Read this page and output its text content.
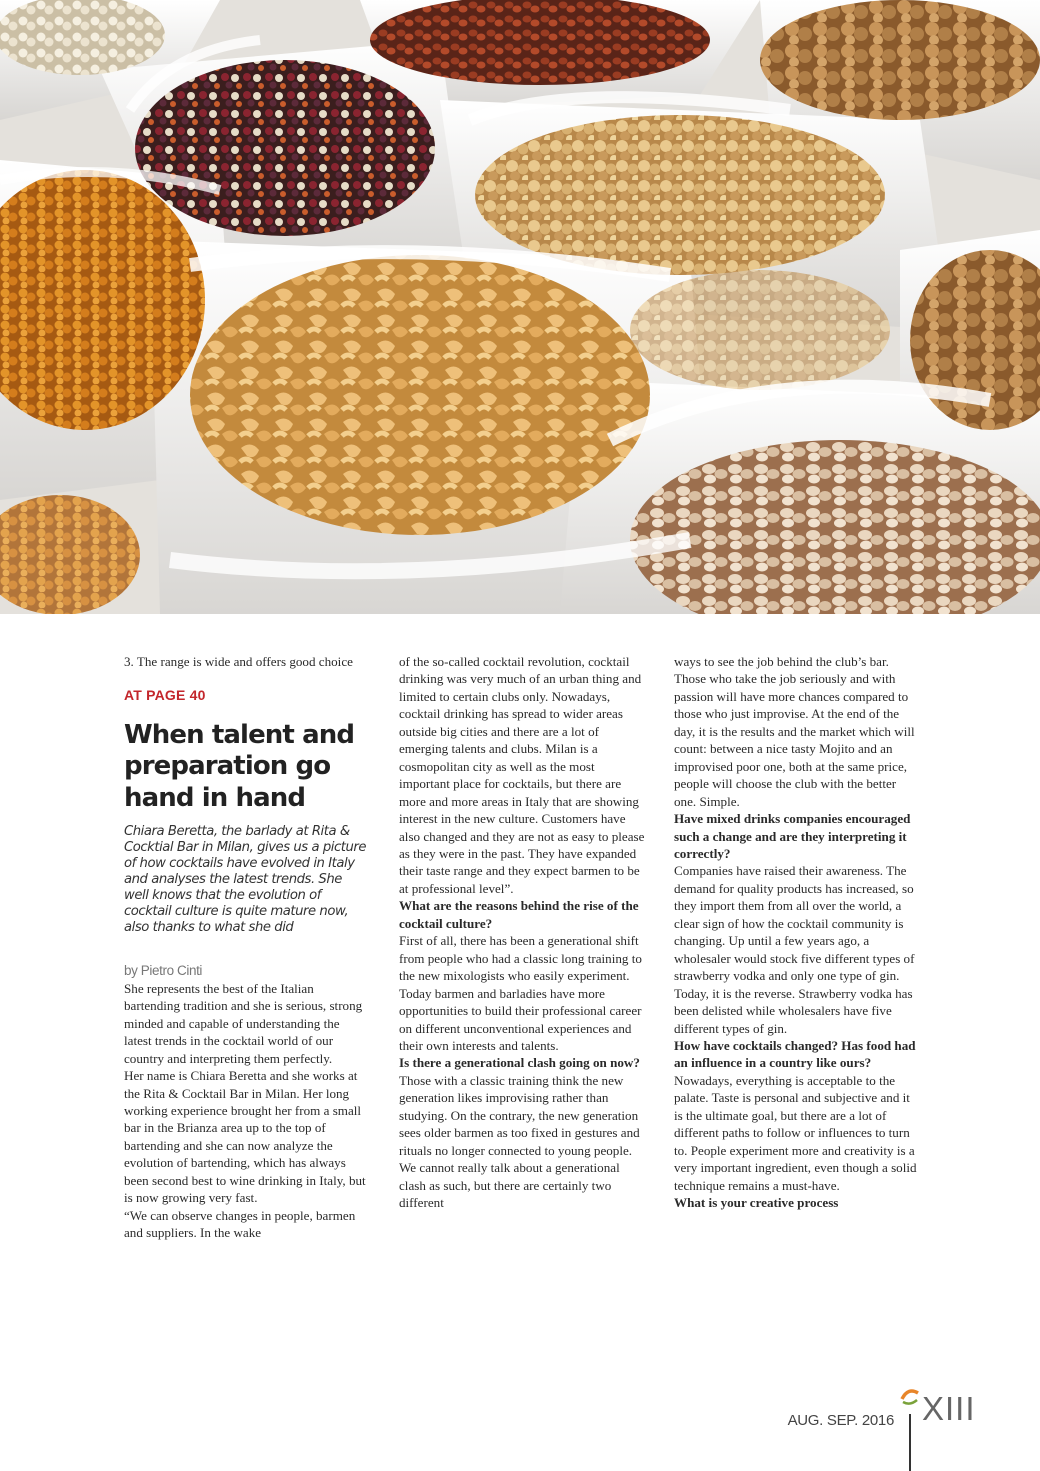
3. The range is wide and offers good choice

AT PAGE 40
When talent and preparation go hand in hand
Chiara Beretta, the barlady at Rita & Cocktial Bar in Milan, gives us a picture of how cocktails have evolved in Italy and analyses the latest trends. She well knows that the evolution of cocktail culture is quite mature now, also thanks to what she did
by Pietro Cinti

She represents the best of the Italian bartending tradition and she is serious, strong minded and capable of understanding the latest trends in the cocktail world of our country and interpreting them perfectly.

Her name is Chiara Beretta and she works at the Rita & Cocktail Bar in Milan. Her long working experience brought her from a small bar in the Brianza area up to the top of bartending and she can now analyze the evolution of bartending, which has always been second best to wine drinking in Italy, but is now growing very fast.

“We can observe changes in people, barmen and suppliers. In the wake

of the so-called cocktail revolution, cocktail drinking was very much of an urban thing and limited to certain clubs only. Nowadays, cocktail drinking has spread to wider areas outside big cities and there are a lot of emerging talents and clubs. Milan is a cosmopolitan city as well as the most important place for cocktails, but there are more and more areas in Italy that are showing interest in the new culture. Customers have also changed and they are not as easy to please as they were in the past. They have expanded their taste range and they expect barmen to be at professional level”.

What are the reasons behind the rise of the cocktail culture?

First of all, there has been a generational shift from people who had a classic long training to the new mixologists who easily experiment. Today barmen and barladies have more opportunities to build their professional career on different unconventional experiences and their own interests and talents.

Is there a generational clash going on now?

Those with a classic training think the new generation likes improvising rather than studying. On the contrary, the new generation sees older barmen as too fixed in gestures and rituals no longer connected to young people. We cannot really talk about a generational clash as such, but there are certainly two different

ways to see the job behind the club’s bar. Those who take the job seriously and with passion will have more chances compared to those who just improvise. At the end of the day, it is the results and the market which will count: between a nice tasty Mojito and an improvised poor one, both at the same price, people will choose the club with the better one. Simple.

Have mixed drinks companies encouraged such a change and are they interpreting it correctly?

Companies have raised their awareness. The demand for quality products has increased, so they import them from all over the world, a clear sign of how the cocktail community is changing. Up until a few years ago, a wholesaler would stock five different types of strawberry vodka and only one type of gin. Today, it is the reverse. Strawberry vodka has been delisted while wholesalers have five different types of gin.

How have cocktails changed? Has food had an influence in a country like ours?

Nowadays, everything is acceptable to the palate. Taste is personal and subjective and it is the ultimate goal, but there are a lot of different paths to follow or influences to turn to. People experiment more and creativity is a very important ingredient, even though a solid technique remains a must-have.

What is your creative process

AUG. SEP. 2016 XIII
